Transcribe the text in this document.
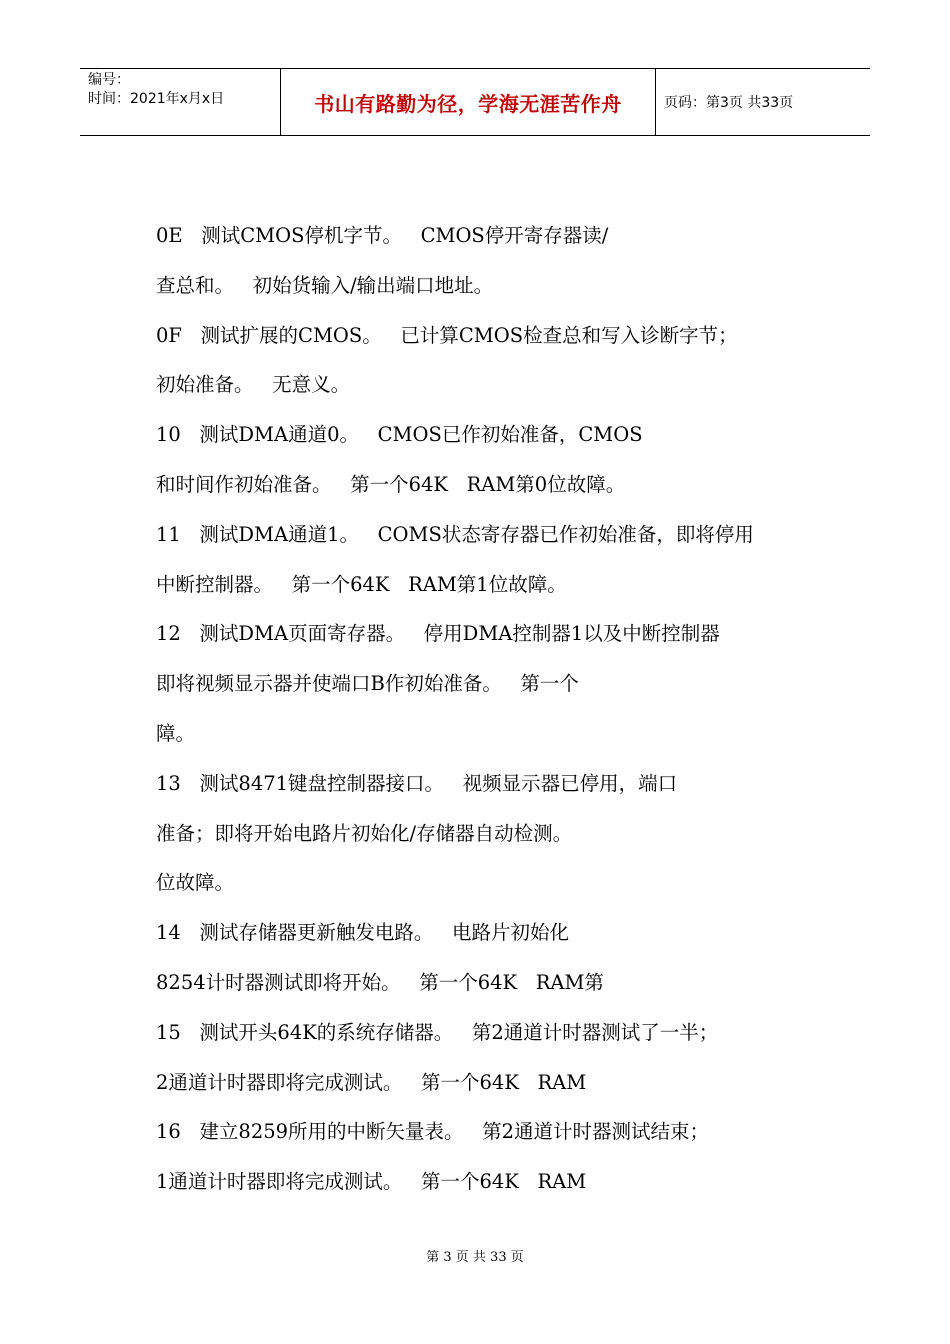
编号：
时间：2021年x月x日	书山有路勤为径，学海无涯苦作舟	页码：第3页 共33页
0E   测试CMOS停机字节。   CMOS停开寄存器读/
查总和。   初始货输入/输出端口地址。
0F   测试扩展的CMOS。   已计算CMOS检查总和写入诊断字节；
初始准备。   无意义。
10   测试DMA通道0。   CMOS已作初始准备，CMOS
和时间作初始准备。   第一个64K   RAM第0位故障。
11   测试DMA通道1。   COMS状态寄存器已作初始准备，即将停用
中断控制器。   第一个64K   RAM第1位故障。
12   测试DMA页面寄存器。   停用DMA控制器1以及中断控制器
即将视频显示器并使端口B作初始准备。   第一个
障。
13   测试8471键盘控制器接口。   视频显示器已停用，端口
准备；即将开始电路片初始化/存储器自动检测。
位故障。
14   测试存储器更新触发电路。   电路片初始化
8254计时器测试即将开始。   第一个64K   RAM第
15   测试开头64K的系统存储器。   第2通道计时器测试了一半；
2通道计时器即将完成测试。   第一个64K   RAM
16   建立8259所用的中断矢量表。   第2通道计时器测试结束；
1通道计时器即将完成测试。   第一个64K   RAM
第 3 页 共 33 页
